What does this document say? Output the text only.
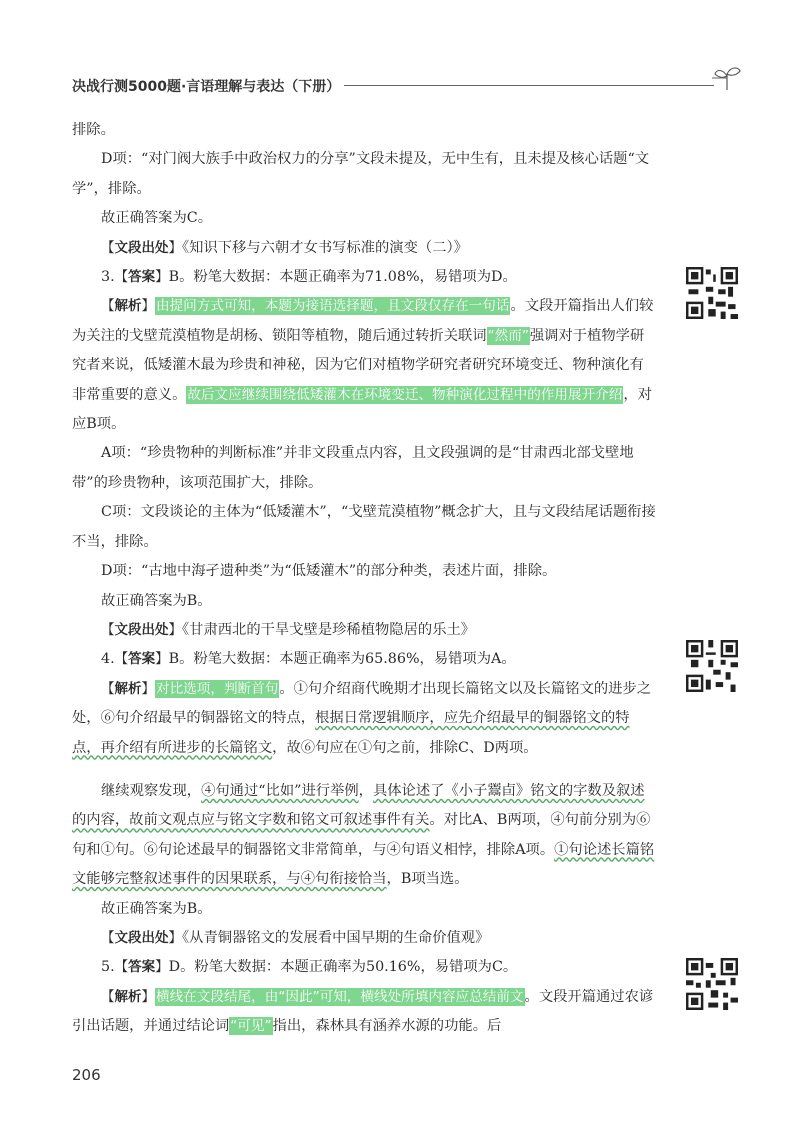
决战行测5000题·言语理解与表达（下册）

排除。

D项：“对门阀大族手中政治权力的分享”文段未提及，无中生有，且未提及核心话题“文学”，排除。

故正确答案为C。

【 文段出处 】 《知识下移与六朝才女书写标准的演变（二）》

3. 【 答案 】 B。粉笔大数据：本题正确率为71.08%，易错项为D。

【 解析 】 由提问方式可知，本题为接语选择题，且文段仅存在一句话。文段开篇指出人们较为关注的戈壁荒漠植物是胡杨、锁阳等植物，随后通过转折关联词“然而”强调对于植物学研究者来说，低矮灌木最为珍贵和神秘，因为它们对植物学研究者研究环境变迁、物种演化有非常重要的意义。故后文应继续围绕低矮灌木在环境变迁、物种演化过程中的作用展开介绍，对应B项。

A项：“珍贵物种的判断标准”并非文段重点内容，且文段强调的是“甘肃西北部戈壁地带”的珍贵物种，该项范围扩大，排除。

C项：文段谈论的主体为“低矮灌木”，“戈壁荒漠植物”概念扩大，且与文段结尾话题衔接不当，排除。

D项：“古地中海孑遗种类”为“低矮灌木”的部分种类，表述片面，排除。

故正确答案为B。

【 文段出处 】 《甘肃西北的干旱戈壁是珍稀植物隐居的乐土》

4. 【 答案 】 B。粉笔大数据：本题正确率为65.86%，易错项为A。

【 解析 】 对比选项，判断首句。①句介绍商代晚期才出现长篇铭文以及长篇铭文的进步之处，⑥句介绍最早的铜器铭文的特点，根据日常逻辑顺序，应先介绍最早的铜器铭文的特点，再介绍有所进步的长篇铭文，故⑥句应在①句之前，排除C、D两项。

继续观察发现，④句通过“比如”进行举例，具体论述了《小子𩱧卣》铭文的字数及叙述的内容，故前文观点应与铭文字数和铭文可叙述事件有关。对比A、B两项，④句前分别为⑥句和①句。⑥句论述最早的铜器铭文非常简单，与④句语义相悖，排除A项。①句论述长篇铭文能够完整叙述事件的因果联系，与④句衔接恰当，B项当选。

故正确答案为B。

【 文段出处 】 《从青铜器铭文的发展看中国早期的生命价值观》

5. 【 答案 】 D。粉笔大数据：本题正确率为50.16%，易错项为C。

【 解析 】 横线在文段结尾，由“因此”可知，横线处所填内容应总结前文。文段开篇通过农谚引出话题，并通过结论词“可见”指出，森林具有涵养水源的功能。后

206
